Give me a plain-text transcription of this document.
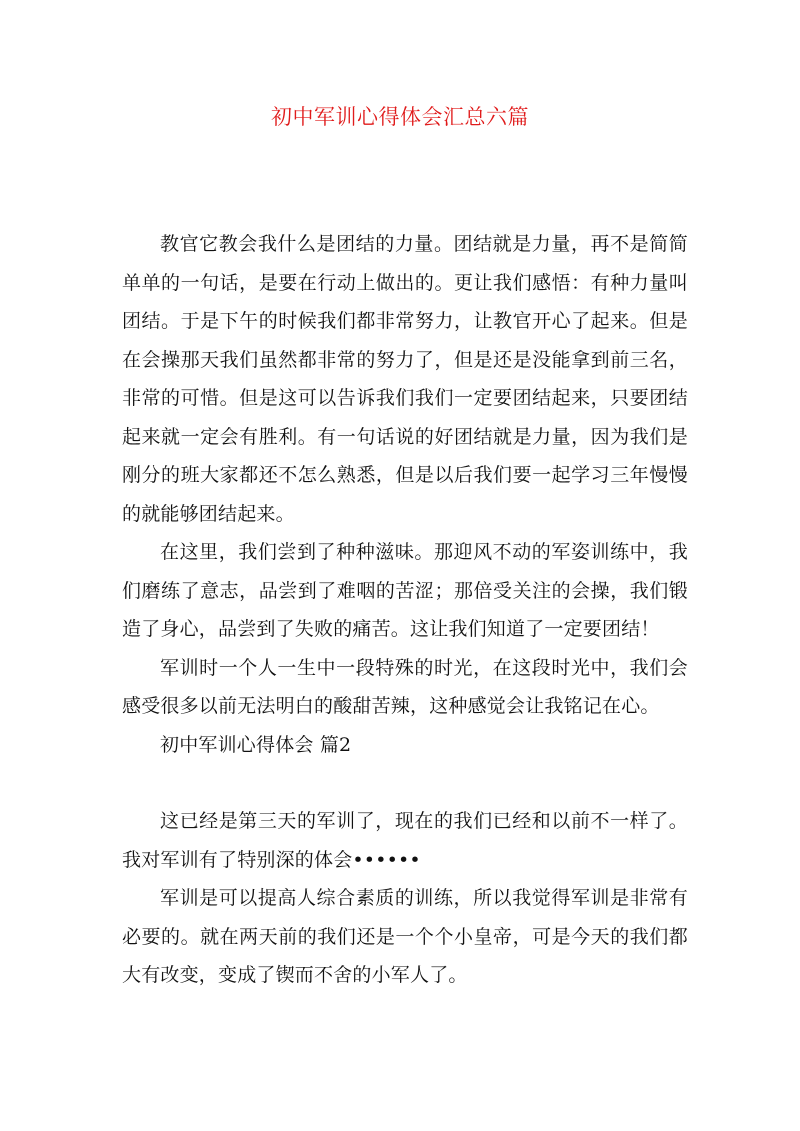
初中军训心得体会汇总六篇

教官它教会我什么是团结的力量。团结就是力量，再不是简简单单的一句话，是要在行动上做出的。更让我们感悟：有种力量叫团结。于是下午的时候我们都非常努力，让教官开心了起来。但是在会操那天我们虽然都非常的努力了，但是还是没能拿到前三名，非常的可惜。但是这可以告诉我们我们一定要团结起来，只要团结起来就一定会有胜利。有一句话说的好团结就是力量，因为我们是刚分的班大家都还不怎么熟悉，但是以后我们要一起学习三年慢慢的就能够团结起来。

在这里，我们尝到了种种滋味。那迎风不动的军姿训练中，我们磨练了意志，品尝到了难咽的苦涩；那倍受关注的会操，我们锻造了身心，品尝到了失败的痛苦。这让我们知道了一定要团结！

军训时一个人一生中一段特殊的时光，在这段时光中，我们会感受很多以前无法明白的酸甜苦辣，这种感觉会让我铭记在心。

初中军训心得体会 篇2

这已经是第三天的军训了，现在的我们已经和以前不一样了。我对军训有了特别深的体会••••••

军训是可以提高人综合素质的训练，所以我觉得军训是非常有必要的。就在两天前的我们还是一个个小皇帝，可是今天的我们都大有改变，变成了锲而不舍的小军人了。
